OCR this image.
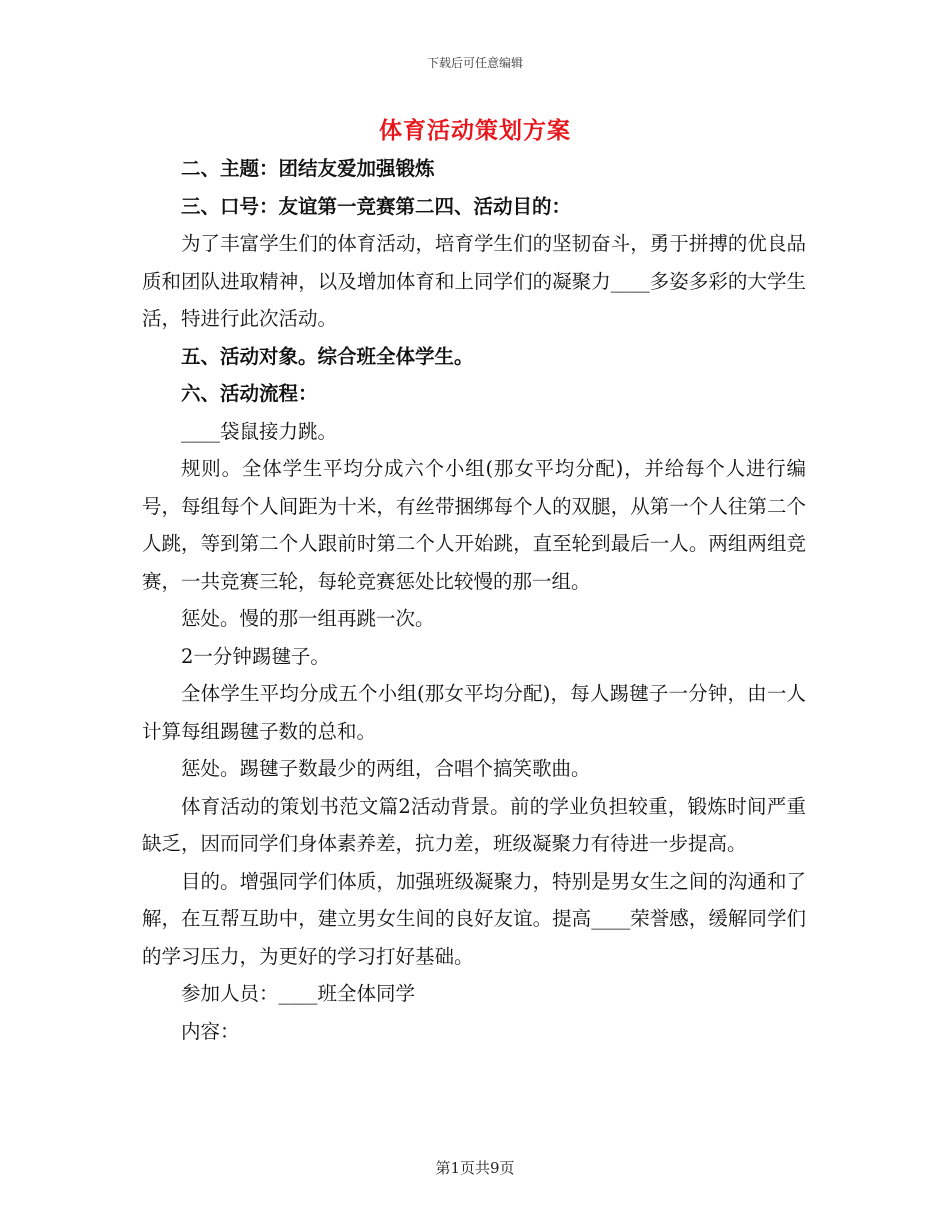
下载后可任意编辑
体育活动策划方案

二、主题：团结友爱加强锻炼

三、口号：友谊第一竞赛第二四、活动目的：

为了丰富学生们的体育活动，培育学生们的坚韧奋斗，勇于拼搏的优良品质和团队进取精神，以及增加体育和上同学们的凝聚力____多姿多彩的大学生活，特进行此次活动。

五、活动对象。综合班全体学生。

六、活动流程：

____袋鼠接力跳。

规则。全体学生平均分成六个小组(那女平均分配)，并给每个人进行编号，每组每个人间距为十米，有丝带捆绑每个人的双腿，从第一个人往第二个人跳，等到第二个人跟前时第二个人开始跳，直至轮到最后一人。两组两组竞赛，一共竞赛三轮，每轮竞赛惩处比较慢的那一组。

惩处。慢的那一组再跳一次。

2一分钟踢毽子。

全体学生平均分成五个小组(那女平均分配)，每人踢毽子一分钟，由一人计算每组踢毽子数的总和。

惩处。踢毽子数最少的两组，合唱个搞笑歌曲。

体育活动的策划书范文篇2活动背景。前的学业负担较重，锻炼时间严重缺乏，因而同学们身体素养差，抗力差，班级凝聚力有待进一步提高。

目的。增强同学们体质，加强班级凝聚力，特别是男女生之间的沟通和了解，在互帮互助中，建立男女生间的良好友谊。提高____荣誉感，缓解同学们的学习压力，为更好的学习打好基础。

参加人员：____班全体同学

内容：

第1页共9页
